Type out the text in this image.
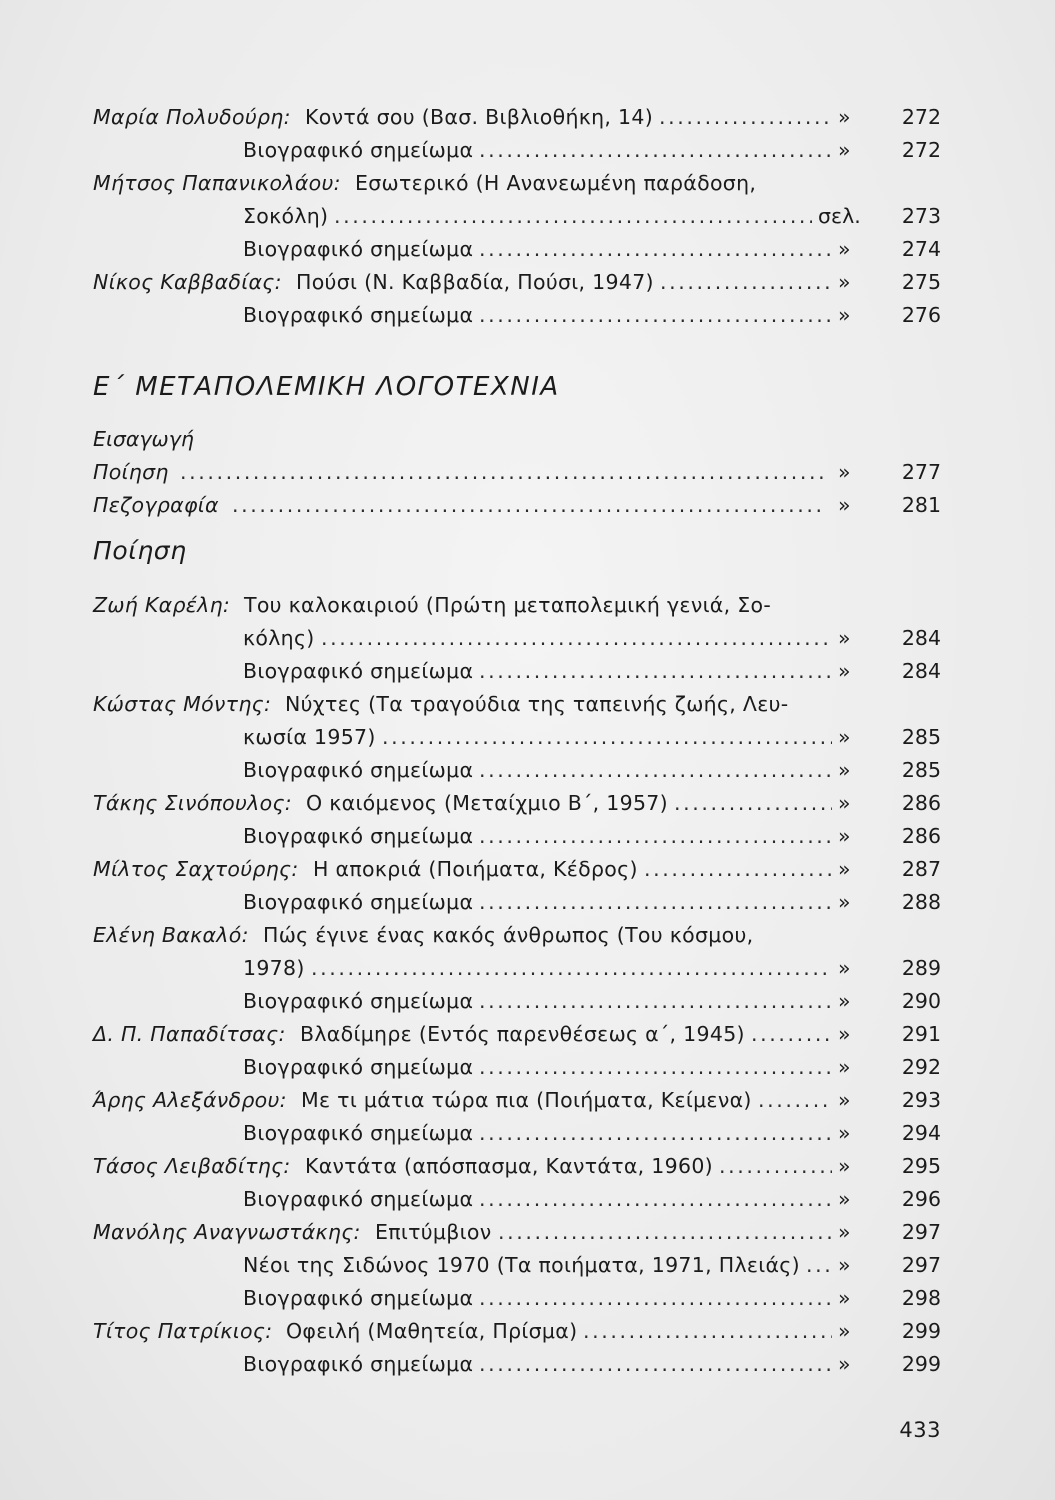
Μαρία Πολυδούρη: Κοντά σου (Βασ. Βιβλιοθήκη, 14) .....	»	272
Βιογραφικό σημείωμα .....	»	272
Μήτσος Παπανικολάου: Εσωτερικό (Η Ανανεωμένη παράδοση,
Σοκόλη) .....	σελ.	273
Βιογραφικό σημείωμα .....	»	274
Νίκος Καββαδίας: Πούσι (Ν. Καββαδία, Πούσι, 1947) .....	»	275
Βιογραφικό σημείωμα .....	»	276
Ε΄ ΜΕΤΑΠΟΛΕΜΙΚΗ ΛΟΓΟΤΕΧΝΙΑ
Εισαγωγή
Ποίηση .....	»	277
Πεζογραφία .....	»	281
Ποίηση
Ζωή Καρέλη: Του καλοκαιριού (Πρώτη μεταπολεμική γενιά, Σο-
κόλης) .....	»	284
Βιογραφικό σημείωμα .....	»	284
Κώστας Μόντης: Νύχτες (Τα τραγούδια της ταπεινής ζωής, Λευ-
κωσία 1957) .....	»	285
Βιογραφικό σημείωμα .....	»	285
Τάκης Σινόπουλος: Ο καιόμενος (Μεταίχμιο Β΄, 1957) .....	»	286
Βιογραφικό σημείωμα .....	»	286
Μίλτος Σαχτούρης: Η αποκριά (Ποιήματα, Κέδρος) .....	»	287
Βιογραφικό σημείωμα .....	»	288
Ελένη Βακαλό: Πώς έγινε ένας κακός άνθρωπος (Του κόσμου,
1978) .....	»	289
Βιογραφικό σημείωμα .....	»	290
Δ. Π. Παπαδίτσας: Βλαδίμηρε (Εντός παρενθέσεως α΄, 1945) .....	»	291
Βιογραφικό σημείωμα .....	»	292
Άρης Αλεξάνδρου: Με τι μάτια τώρα πια (Ποιήματα, Κείμενα) .....	»	293
Βιογραφικό σημείωμα .....	»	294
Τάσος Λειβαδίτης: Καντάτα (απόσπασμα, Καντάτα, 1960) .....	»	295
Βιογραφικό σημείωμα .....	»	296
Μανόλης Αναγνωστάκης: Επιτύμβιον .....	»	297
Νέοι της Σιδώνος 1970 (Τα ποιήματα, 1971, Πλειάς) ..... »	297
Βιογραφικό σημείωμα .....	»	298
Τίτος Πατρίκιος: Οφειλή (Μαθητεία, Πρίσμα) .....	»	299
Βιογραφικό σημείωμα .....	»	299
433
